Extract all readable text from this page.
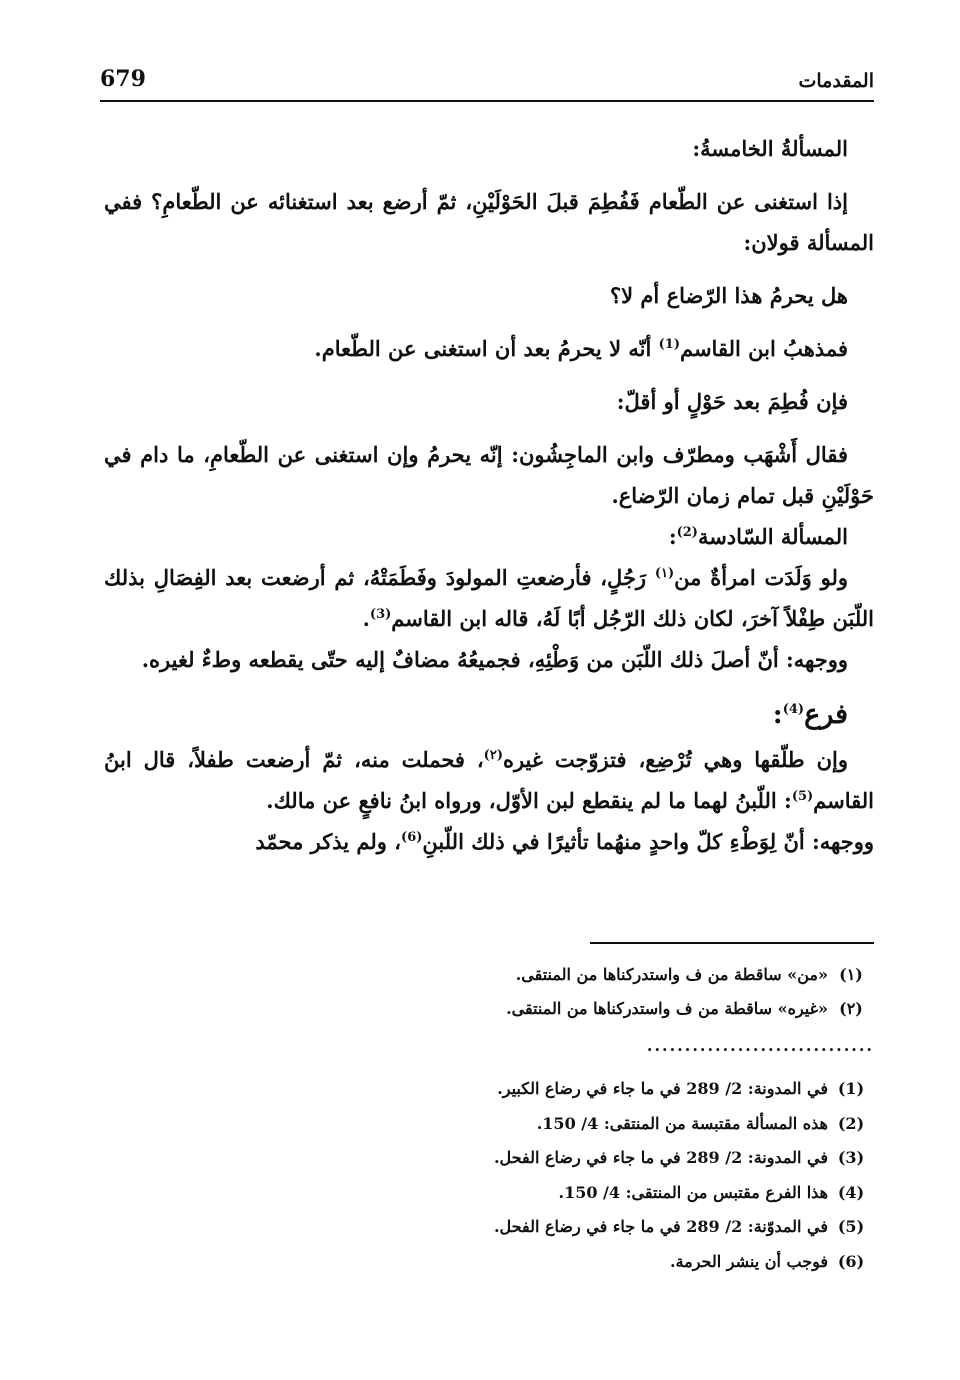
679	المقدمات

المسألةُ الخامسةُ:

إذا استغنى عن الطّعام فَفُطِمَ قبلَ الحَوْلَيْنِ، ثمّ أرضع بعد استغنائه عن الطّعامِ؟ ففي المسألة قولان:

هل يحرمُ هذا الرّضاع أم لا؟

فمذهبُ ابن القاسم$^{(1)}$ أنّه لا يحرمُ بعد أن استغنى عن الطّعام.

فإن فُطِمَ بعد حَوْلٍ أو أقلّ:

فقال أَشْهَب ومطرّف وابن الماجِشُون: إنّه يحرمُ وإن استغنى عن الطّعامِ، ما دام في حَوْلَيْنِ قبل تمام زمان الرّضاع.

المسألة السّادسة$^{(2)}$:

ولو وَلَدَت امرأةٌ من$^{(١)}$ رَجُلٍ، فأرضعتِ المولودَ وفَطَمَتْهُ، ثم أرضعت بعد الفِصَالِ بذلك اللّبَن طِفْلاً آخرَ، لكان ذلك الرّجُل أبًا لَهُ، قاله ابن القاسم$^{(3)}$.

ووجهه: أنّ أصلَ ذلك اللّبَن من وَطْئِهِ، فجميعُهُ مضافٌ إليه حتّى يقطعه وطءٌ لغيره.

فرع$^{(4)}$:

وإن طلّقها وهي تُرْضِع، فتزوّجت غيره$^{(٢)}$، فحملت منه، ثمّ أرضعت طفلاً، قال ابنُ القاسم$^{(5)}$: اللّبنُ لهما ما لم ينقطع لبن الأوّل، ورواه ابنُ نافعٍ عن مالك.

ووجهه: أنّ لِوَطْءِ كلّ واحدٍ منهُما تأثيرًا في ذلك اللّبنِ$^{(6)}$، ولم يذكر محمّد

(١)
«من» ساقطة من ف واستدركناها من المنتقى.
(٢)
«غيره» ساقطة من ف واستدركناها من المنتقى.
..............................
(1)
في المدونة: 2/ 289 في ما جاء في رضاع الكبير.
(2)
هذه المسألة مقتبسة من المنتقى: 4/ 150.
(3)
في المدونة: 2/ 289 في ما جاء في رضاع الفحل.
(4)
هذا الفرع مقتبس من المنتقى: 4/ 150.
(5)
في المدوّنة: 2/ 289 في ما جاء في رضاع الفحل.
(6)
فوجب أن ينشر الحرمة.
